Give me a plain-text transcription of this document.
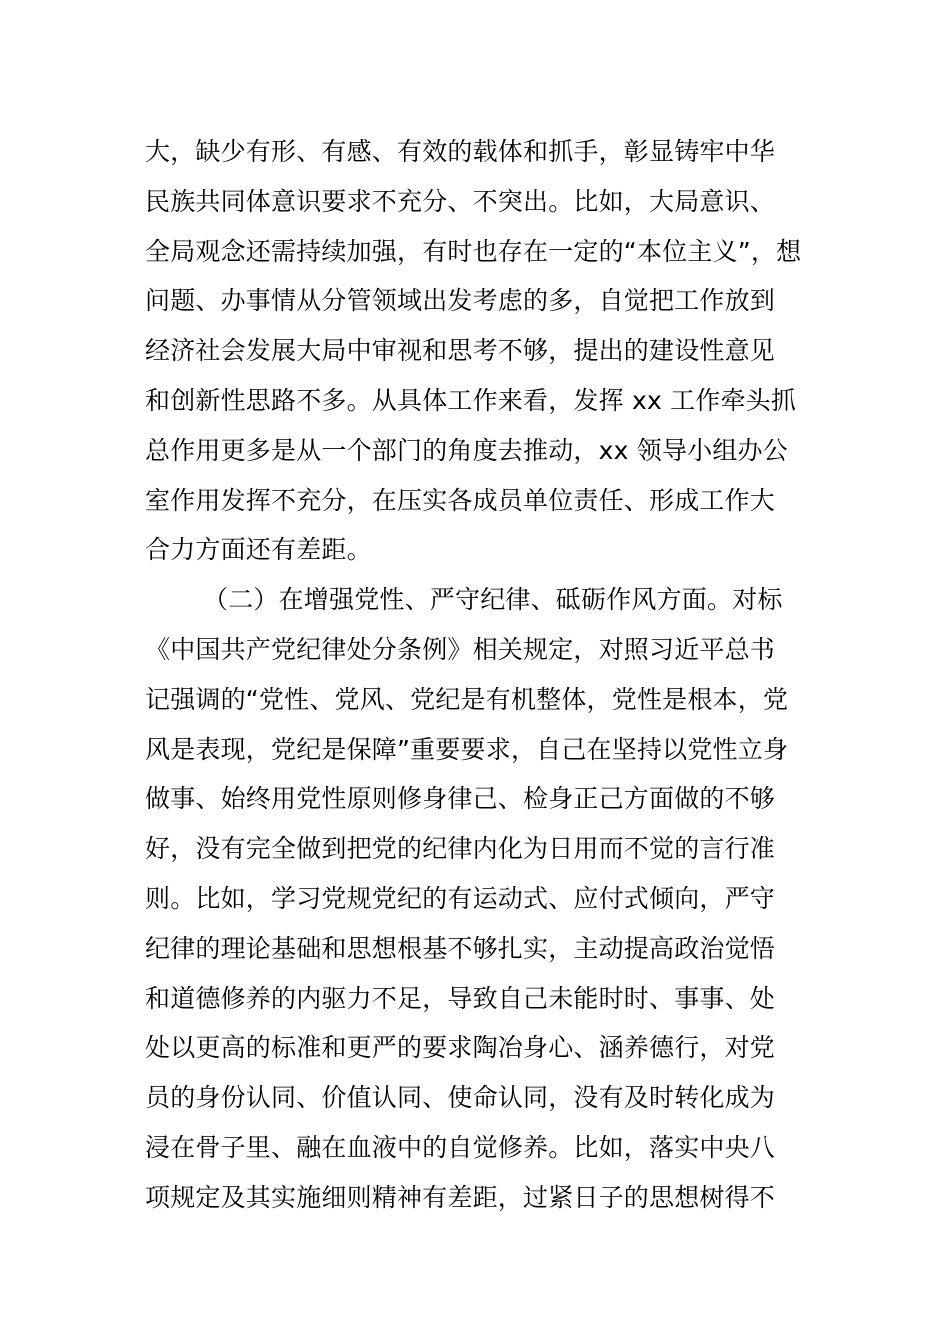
大，缺少有形、有感、有效的载体和抓手，彰显铸牢中华
民族共同体意识要求不充分、不突出。比如，大局意识、
全局观念还需持续加强，有时也存在一定的“本位主义”，想
问题、办事情从分管领域出发考虑的多，自觉把工作放到
经济社会发展大局中审视和思考不够，提出的建设性意见
和创新性思路不多。从具体工作来看，发挥 xx 工作牵头抓
总作用更多是从一个部门的角度去推动，xx 领导小组办公
室作用发挥不充分，在压实各成员单位责任、形成工作大
合力方面还有差距。
（二）在增强党性、严守纪律、砥砺作风方面。对标
《中国共产党纪律处分条例》相关规定，对照习近平总书
记强调的“党性、党风、党纪是有机整体，党性是根本，党
风是表现，党纪是保障”重要要求，自己在坚持以党性立身
做事、始终用党性原则修身律己、检身正己方面做的不够
好，没有完全做到把党的纪律内化为日用而不觉的言行准
则。比如，学习党规党纪的有运动式、应付式倾向，严守
纪律的理论基础和思想根基不够扎实，主动提高政治觉悟
和道德修养的内驱力不足，导致自己未能时时、事事、处
处以更高的标准和更严的要求陶冶身心、涵养德行，对党
员的身份认同、价值认同、使命认同，没有及时转化成为
浸在骨子里、融在血液中的自觉修养。比如，落实中央八
项规定及其实施细则精神有差距，过紧日子的思想树得不
